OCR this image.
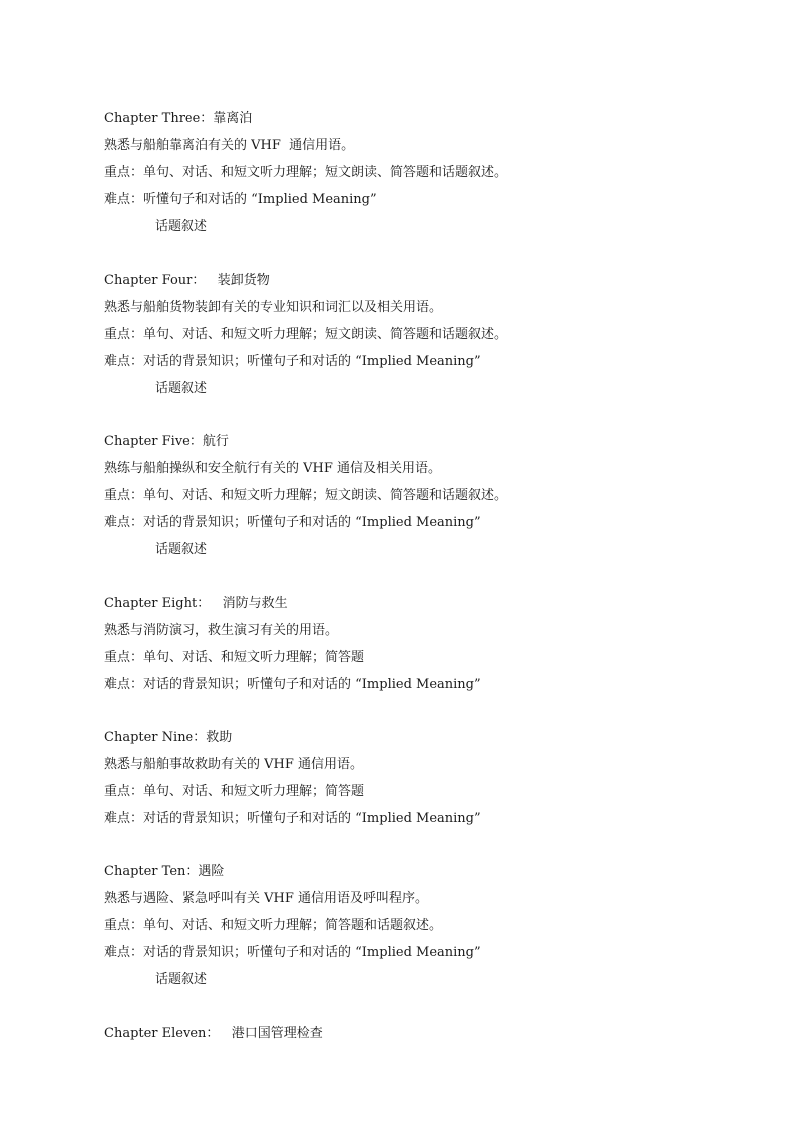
Chapter Three：靠离泊
熟悉与船舶靠离泊有关的 VHF  通信用语。
重点：单句、对话、和短文听力理解；短文朗读、简答题和话题叙述。
难点：听懂句子和对话的 “Implied Meaning”
话题叙述
Chapter Four：   装卸货物
熟悉与船舶货物装卸有关的专业知识和词汇以及相关用语。
重点：单句、对话、和短文听力理解；短文朗读、简答题和话题叙述。
难点：对话的背景知识；听懂句子和对话的 “Implied Meaning”
话题叙述
Chapter Five：航行
熟练与船舶操纵和安全航行有关的 VHF 通信及相关用语。
重点：单句、对话、和短文听力理解；短文朗读、简答题和话题叙述。
难点：对话的背景知识；听懂句子和对话的 “Implied Meaning”
话题叙述
Chapter Eight：   消防与救生
熟悉与消防演习，救生演习有关的用语。
重点：单句、对话、和短文听力理解；简答题
难点：对话的背景知识；听懂句子和对话的 “Implied Meaning”
Chapter Nine：救助
熟悉与船舶事故救助有关的 VHF 通信用语。
重点：单句、对话、和短文听力理解；简答题
难点：对话的背景知识；听懂句子和对话的 “Implied Meaning”
Chapter Ten：遇险
熟悉与遇险、紧急呼叫有关 VHF 通信用语及呼叫程序。
重点：单句、对话、和短文听力理解；简答题和话题叙述。
难点：对话的背景知识；听懂句子和对话的 “Implied Meaning”
话题叙述
Chapter Eleven：   港口国管理检查
